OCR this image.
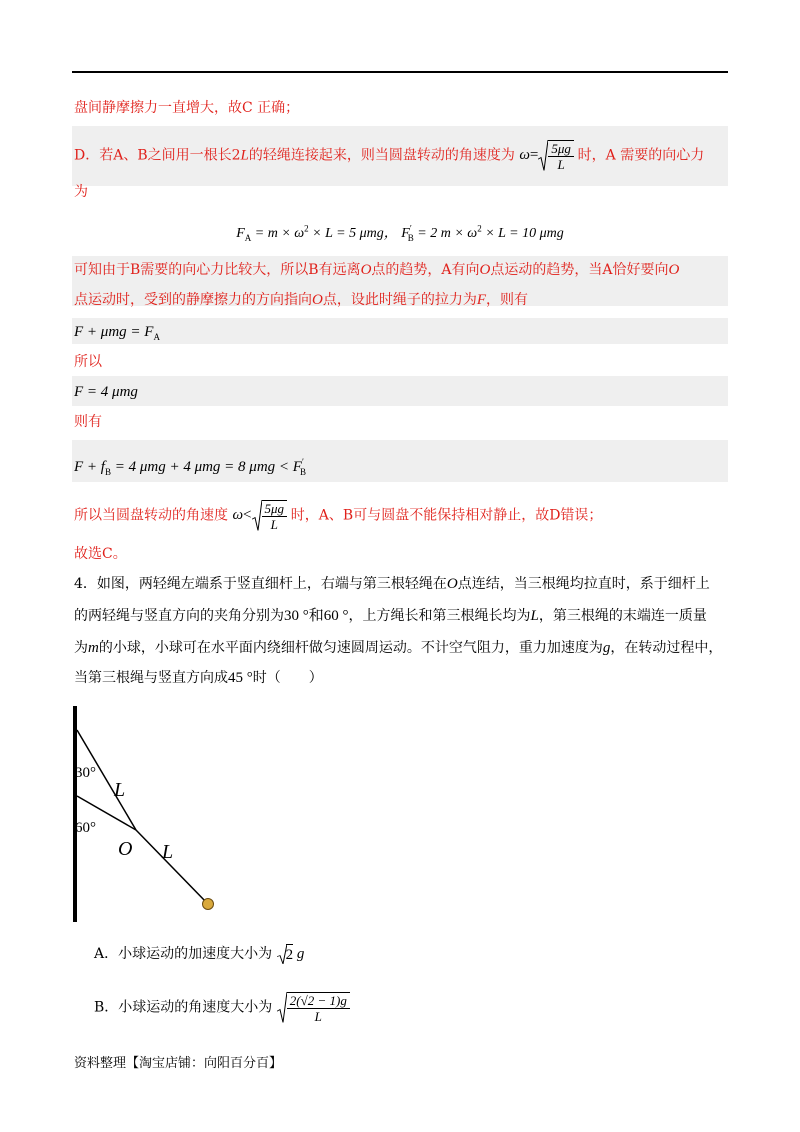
盘间静摩擦力一直增大，故C 正确；
D．若A、B之间用一根长2L的轻绳连接起来，则当圆盘转动的角速度为 $\omega= \frac{5\mu g}{L}$ 时，A 需要的向心力
为
$F_A = m \times \omega^2 \times L = 5$ μmg， $F'_B = 2$ $m \times \omega^2 \times L = 10$ μmg
可知由于B需要的向心力比较大，所以B有远离O点的趋势，A有向O点运动的趋势，当A恰好要向O
点运动时，受到的静摩擦力的方向指向O点，设此时绳子的拉力为F，则有
$F + \mu mg = F_A$
所以
F = 4 μmg
则有
$F + f_B = 4$ μmg + 4 μmg = 8 $\mu mg < F'_B$
所以当圆盘转动的角速度 $\omega< \frac{5\mu g}{L}$ 时，A、B可与圆盘不能保持相对静止，故D错误；
故选C。
4．如图，两轻绳左端系于竖直细杆上，右端与第三根轻绳在O点连结，当三根绳均拉直时，系于细杆上
的两轻绳与竖直方向的夹角分别为30 °和60 °，上方绳长和第三根绳长均为L，第三根绳的末端连一质量
为m的小球，小球可在水平面内绕细杆做匀速圆周运动。不计空气阻力，重力加速度为g，在转动过程中，
当第三根绳与竖直方向成45 °时（　　）
30°
60°
L
O L
A．小球运动的加速度大小为 2 g
B．小球运动的角速度大小为 $\frac{2(√2 - 1)g}{L}$
资料整理【淘宝店铺：向阳百分百】
